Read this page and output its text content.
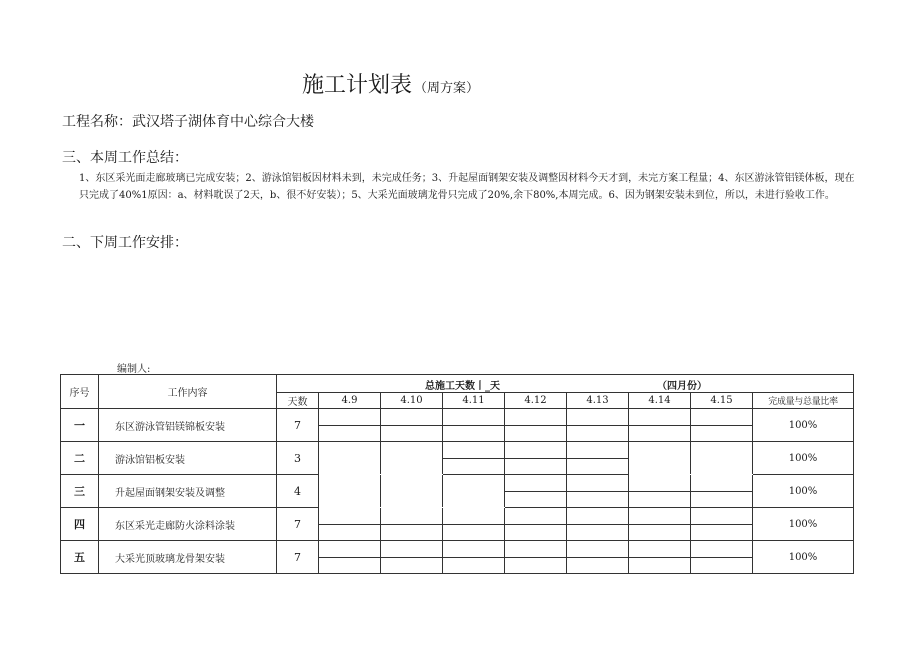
施工计划表 （周方案）
工程名称：武汉塔子湖体育中心综合大楼
三、本周工作总结：
1、东区采光面走廊玻璃已完成安装；2、游泳馆铝板因材料未到，未完成任务；3、升起屋面钢架安装及调整因材料今天才到，未完方案工程量；4、东区游泳管铝镁体板，现在只完成了40%1原因：a、材料耽误了2天，b、很不好安装）；5、大采光面玻璃龙骨只完成了20%,余下80%,本周完成。6、因为钢架安装未到位，所以，未进行验收工作。
二、下周工作安排：
编制人:
序号	工作内容	总施工天数丨_天 （四月份）								

		天数	4.9	4.10	4.11	4.12	4.13	4.14	4.15	完成量与总量比率
一	东区游泳管铝镁锦板安装	7								100%
二	游泳馆铝板安装	3								100%
三	升起屋面钢架安装及调整	4								100%
四	东区采光走廊防火涂料涂装	7								100%
五	大采光顶玻璃龙骨架安装	7								100%
